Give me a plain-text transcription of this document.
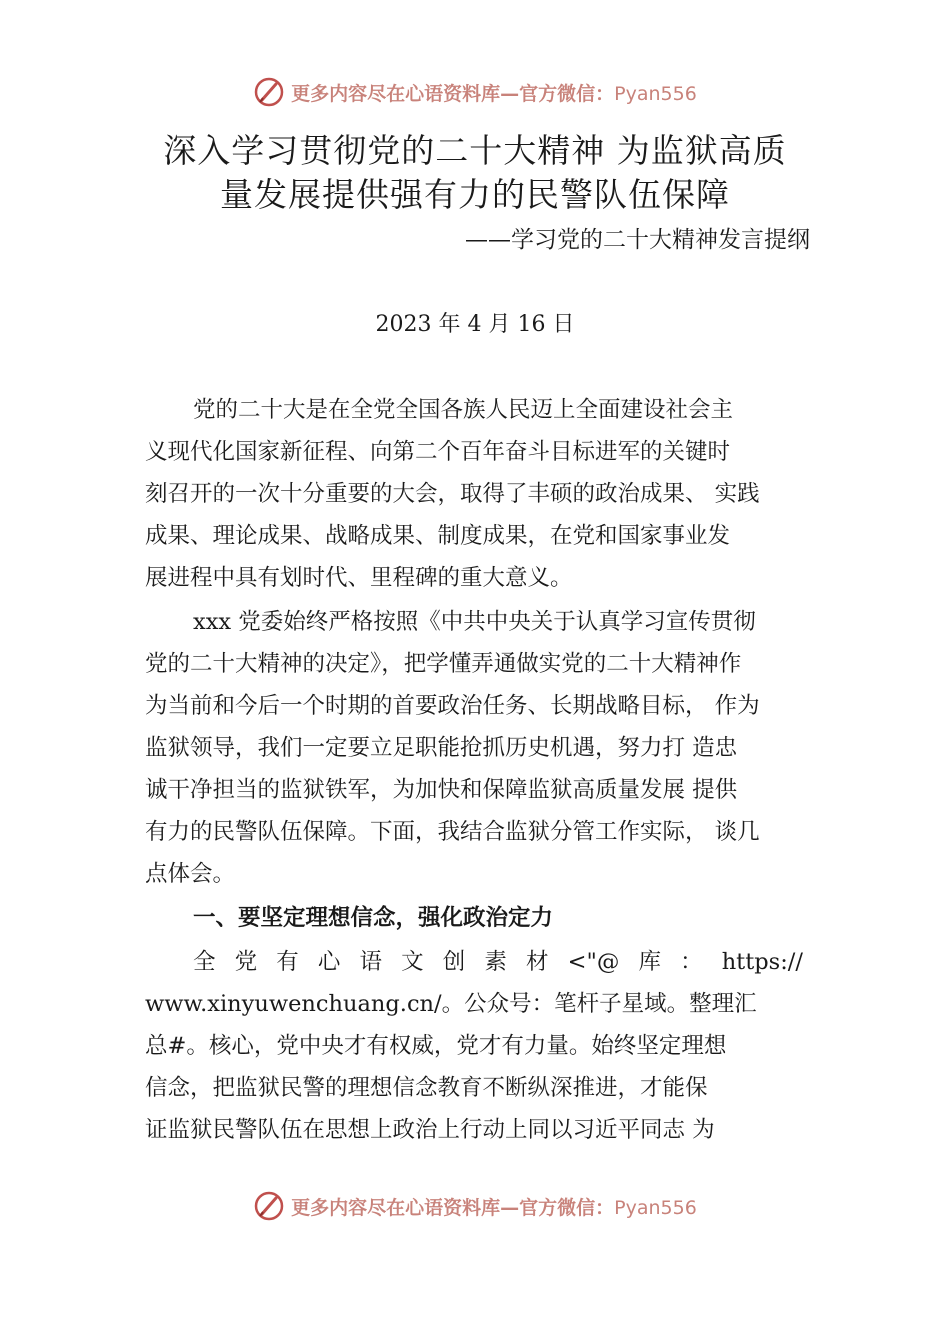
更多内容尽在心语资料库—官方微信：Pyan556
深入学习贯彻党的二十大精神 为监狱高质
量发展提供强有力的民警队伍保障
——学习党的二十大精神发言提纲
2023 年 4 月 16 日
党的二十大是在全党全国各族人民迈上全面建设社会主
义现代化国家新征程、向第二个百年奋斗目标进军的关键时
刻召开的一次十分重要的大会，取得了丰硕的政治成果、 实践
成果、理论成果、战略成果、制度成果，在党和国家事业发
展进程中具有划时代、里程碑的重大意义。
xxx 党委始终严格按照《中共中央关于认真学习宣传贯彻
党的二十大精神的决定》，把学懂弄通做实党的二十大精神作
为当前和今后一个时期的首要政治任务、长期战略目标， 作为
监狱领导，我们一定要立足职能抢抓历史机遇，努力打 造忠
诚干净担当的监狱铁军，为加快和保障监狱高质量发展 提供
有力的民警队伍保障。下面，我结合监狱分管工作实际， 谈几
点体会。
一、要坚定理想信念，强化政治定力
全 党 有 心 语 文 创 素 材 <"@ 库 ： https://
www.xinyuwenchuang.cn/。公众号：笔杆子星域。整理汇
总#。核心，党中央才有权威，党才有力量。始终坚定理想
信念，把监狱民警的理想信念教育不断纵深推进，才能保
证监狱民警队伍在思想上政治上行动上同以习近平同志 为
更多内容尽在心语资料库—官方微信：Pyan556
